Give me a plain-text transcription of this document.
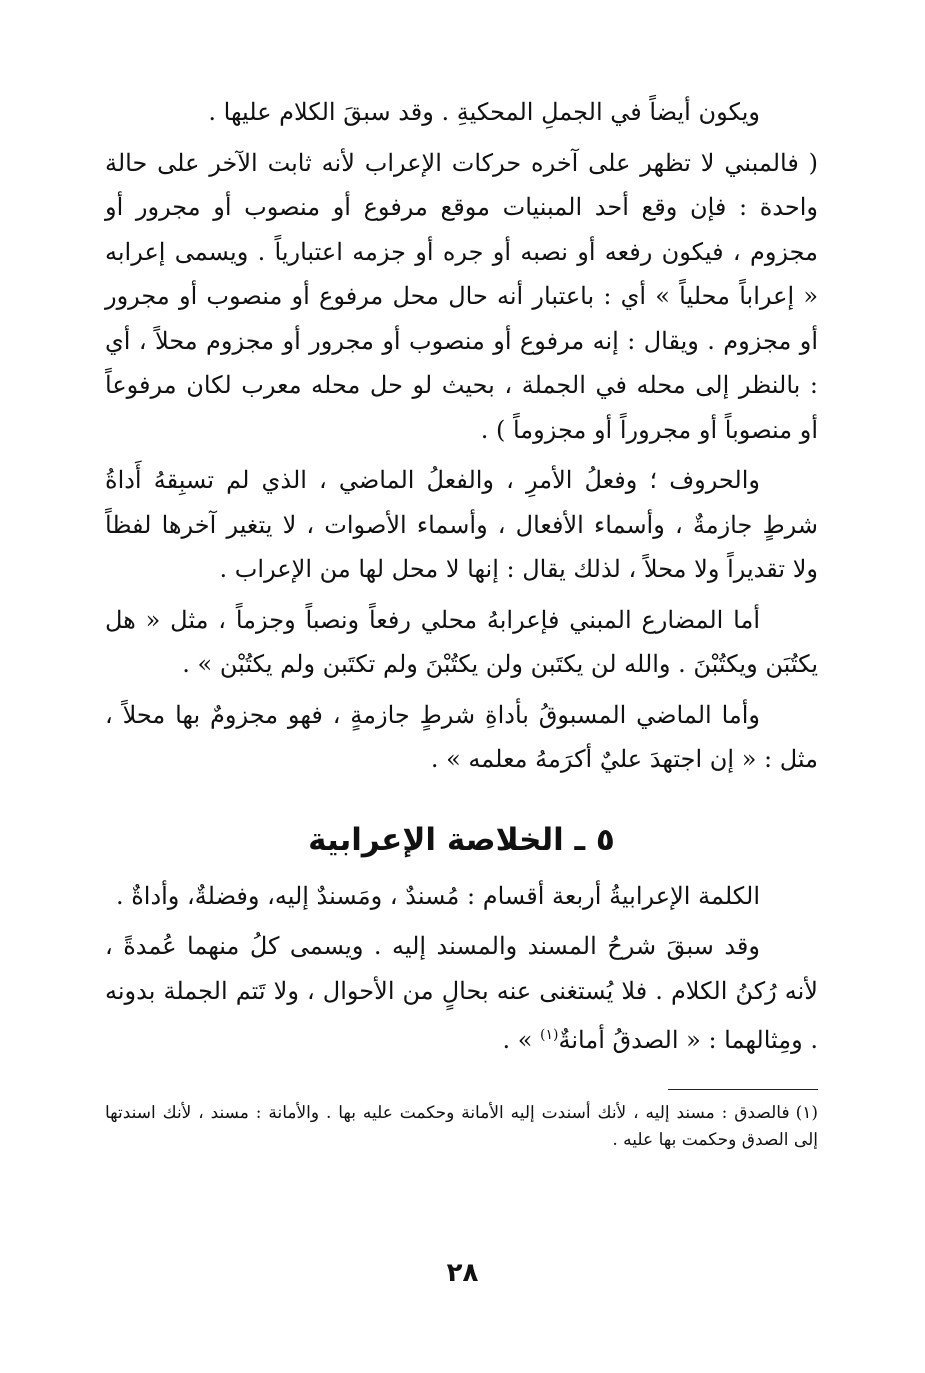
ويكون أيضاً في الجملِ المحكيةِ . وقد سبقَ الكلام عليها .

( فالمبني لا تظهر على آخره حركات الإعراب لأنه ثابت الآخر على حالة واحدة : فإن وقع أحد المبنيات موقع مرفوع أو منصوب أو مجرور أو مجزوم ، فيكون رفعه أو نصبه أو جره أو جزمه اعتبارياً . ويسمى إعرابه « إعراباً محلياً » أي : باعتبار أنه حال محل مرفوع أو منصوب أو مجرور أو مجزوم . ويقال : إنه مرفوع أو منصوب أو مجرور أو مجزوم محلاً ، أي : بالنظر إلى محله في الجملة ، بحيث لو حل محله معرب لكان مرفوعاً أو منصوباً أو مجروراً أو مجزوماً ) .

والحروف ؛ وفعلُ الأمرِ ، والفعلُ الماضي ، الذي لم تسبِقهُ أَداةُ شرطٍ جازمةٌ ، وأسماء الأفعال ، وأسماء الأصوات ، لا يتغير آخرها لفظاً ولا تقديراً ولا محلاً ، لذلك يقال : إنها لا محل لها من الإعراب .

أما المضارع المبني فإعرابهُ محلي رفعاً ونصباً وجزماً ، مثل « هل يكتُبَن ويكتُبْنَ . والله لن يكتَبن ولن يكتُبْنَ ولم تكتَبن ولم يكتُبْن » .

وأما الماضي المسبوقُ بأداةِ شرطٍ جازمةٍ ، فهو مجزومٌ بها محلاً ، مثل : « إن اجتهدَ عليٌ أكرَمهُ معلمه » .

٥ ـ الخلاصة الإعرابية

الكلمة الإعرابيةُ أربعة أقسام : مُسندٌ ، ومَسندٌ إليه، وفضلةٌ، وأداةٌ .

وقد سبقَ شرحُ المسند والمسند إليه . ويسمى كلُ منهما عُمدةً ، لأنه رُكنُ الكلام . فلا يُستغنى عنه بحالٍ من الأحوال ، ولا تَتم الجملة بدونه . ومِثالهما : « الصدقُ أمانةٌ$^{(١)}$ » .

(١)فالصدق : مسند إليه ، لأنك أسندت إليه الأمانة وحكمت عليه بها . والأمانة : مسند ، لأنك اسندتها إلى الصدق وحكمت بها عليه .

٢٨
